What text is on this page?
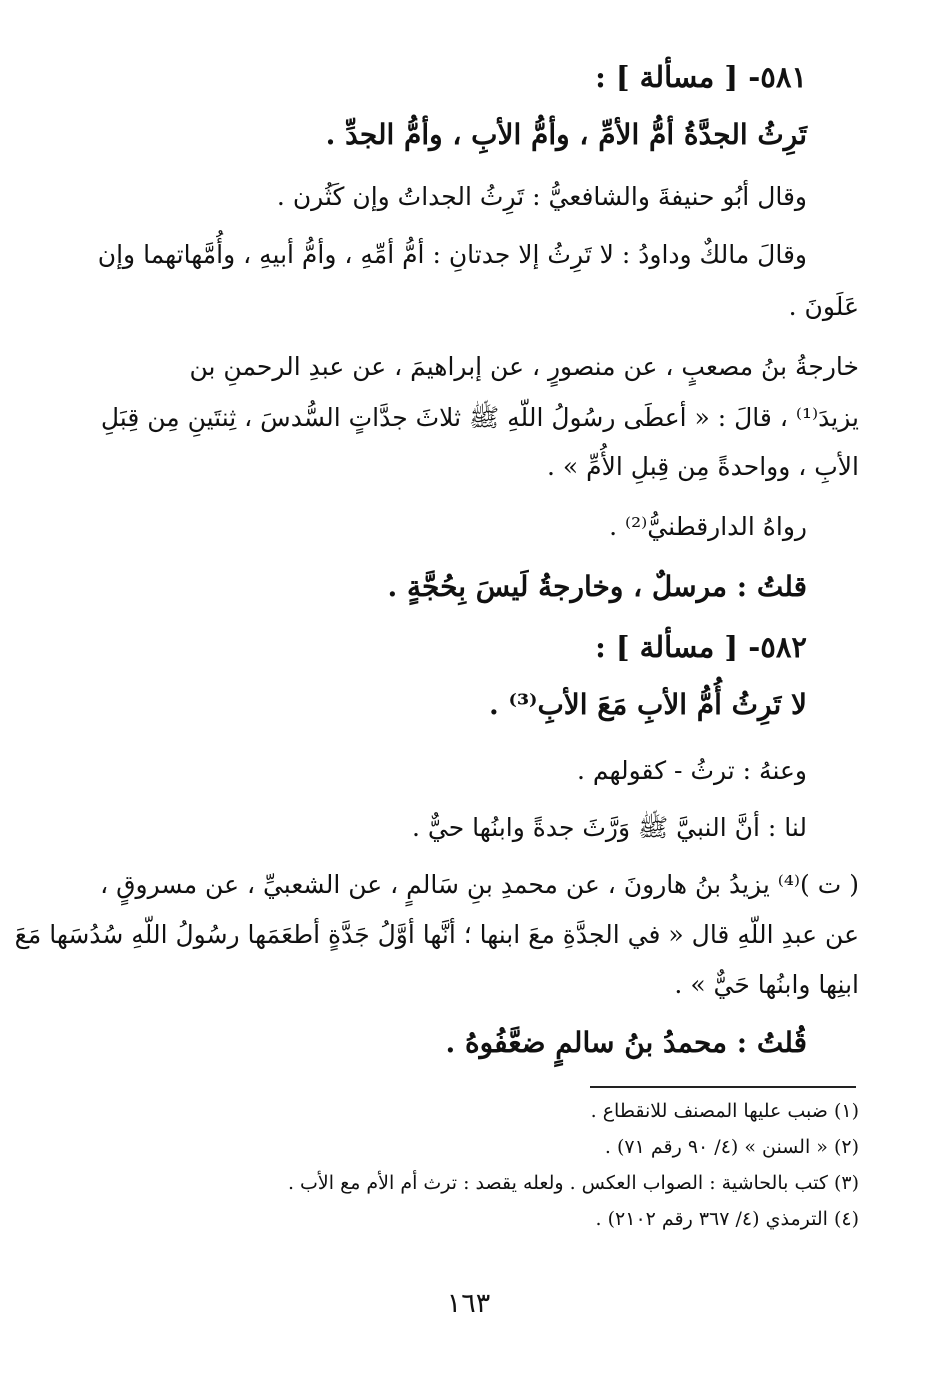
٥٨١- [ مسألة ] :
تَرِثُ الجدَّةُ أمُّ الأمِّ ، وأمُّ الأبِ ، وأمُّ الجدِّ .
وقال أبُو حنيفةَ والشافعيُّ : تَرِثُ الجداتُ وإن كَثُرن .
وقالَ مالكٌ وداودُ : لا تَرِثُ إلا جدتانِ : أمُّ أمِّهِ ، وأمُّ أبيهِ ، وأُمَّهاتهما وإن
عَلَونَ .
خارجةُ بنُ مصعبٍ ، عن منصورٍ ، عن إبراهيمَ ، عن عبدِ الرحمنِ بن
يزيدَ⁽¹⁾ ، قالَ : « أعطَى رسُولُ اللّهِ ﷺ ثلاثَ جدَّاتٍ السُّدسَ ، ثِنتَينِ مِن قِبَلِ
الأبِ ، وواحدةً مِن قِبلِ الأُمِّ » .
رواهُ الدارقطنيُّ⁽²⁾ .
قلتُ : مرسلٌ ، وخارجةُ لَيسَ بِحُجَّةٍ .
٥٨٢- [ مسألة ] :
لا تَرِثُ أُمُّ الأبِ مَعَ الأبِ⁽³⁾ .
وعنهُ : ترثُ - كقولهم .
لنا : أنَّ النبيَّ ﷺ وَرَّثَ جدةً وابنُها حيٌّ .
( ت )⁽⁴⁾ يزيدُ بنُ هارونَ ، عن محمدِ بنِ سَالمٍ ، عن الشعبيِّ ، عن مسروقٍ ،
عن عبدِ اللّهِ قال « في الجدَّةِ معَ ابنها ؛ أنَّها أوَّلُ جَدَّةٍ أطعَمَها رسُولُ اللّهِ سُدُسَها مَعَ
ابنِها وابنُها حَيٌّ » .
قُلتُ : محمدُ بنُ سالمٍ ضعَّفُوهُ .
(١) ضبب عليها المصنف للانقطاع .
(٢) « السنن » (٤/ ٩٠ رقم ٧١) .
(٣) كتب بالحاشية : الصواب العكس . ولعله يقصد : ترث أم الأم مع الأب .
(٤) الترمذي (٤/ ٣٦٧ رقم ٢١٠٢) .
١٦٣
